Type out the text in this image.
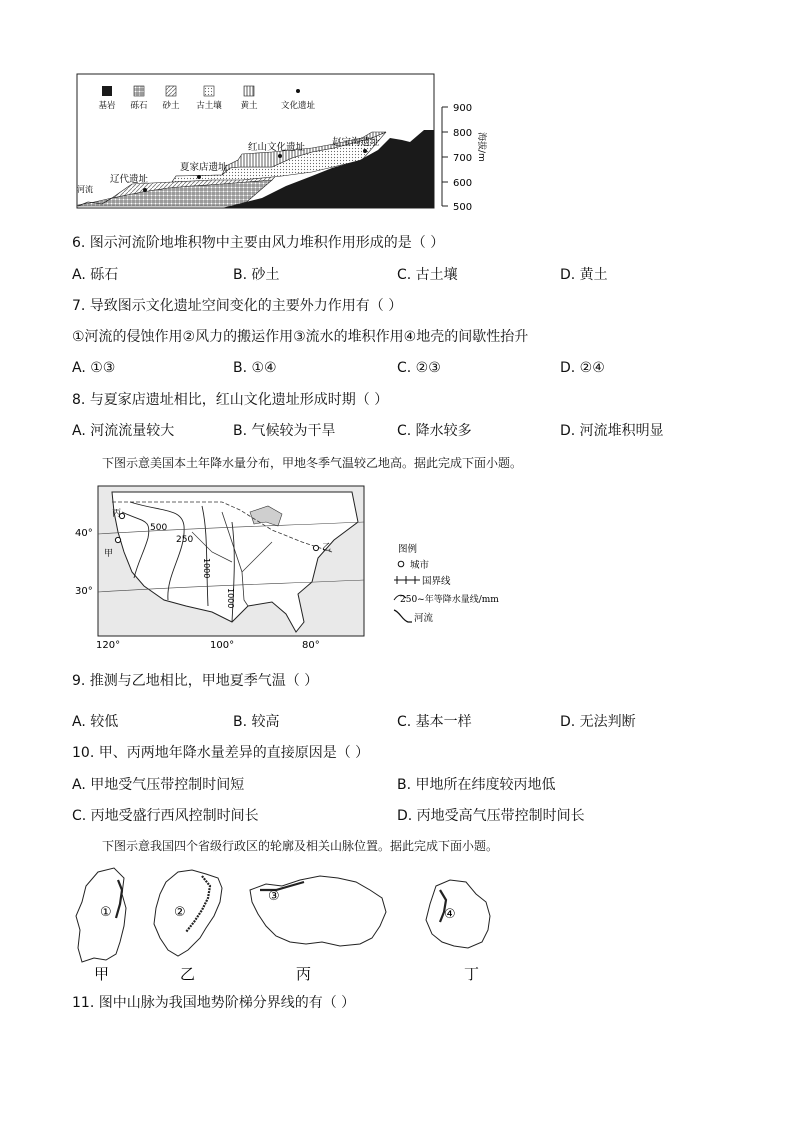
基岩 砾石 砂土 古土壤 黄土	文化遗址
河流
辽代遗址
夏家店遗址
红山文化遗址	赵宝沟遗址
900
800
700
600
500
海拔/m
6. 图示河流阶地堆积物中主要由风力堆积作用形成的是（ ）
A. 砾石	B. 砂土	C. 古土壤	D. 黄土
7. 导致图示文化遗址空间变化的主要外力作用有（ ）
①河流的侵蚀作用②风力的搬运作用③流水的堆积作用④地壳的间歇性抬升
A. ①③	B. ①④	C. ②③	D. ②④
8. 与夏家店遗址相比，红山文化遗址形成时期（ ）
A. 河流流量较大	B. 气候较为干旱	C. 降水较多	D. 河流堆积明显
下图示意美国本土年降水量分布，甲地冬季气温较乙地高。据此完成下面小题。
丙
甲
乙
500
250
1000
1000
40°
30°
120°	100°	80°
图例
城市
国界线
250~年等降水量线/mm
河流
9. 推测与乙地相比，甲地夏季气温（ ）
A. 较低	B. 较高	C. 基本一样	D. 无法判断
10. 甲、丙两地年降水量差异的直接原因是（ ）
A. 甲地受气压带控制时间短	B. 甲地所在纬度较丙地低
C. 丙地受盛行西风控制时间长	D. 丙地受高气压带控制时间长
下图示意我国四个省级行政区的轮廓及相关山脉位置。据此完成下面小题。
①	②
③
④
甲	乙	丙	丁
11. 图中山脉为我国地势阶梯分界线的有（ ）
